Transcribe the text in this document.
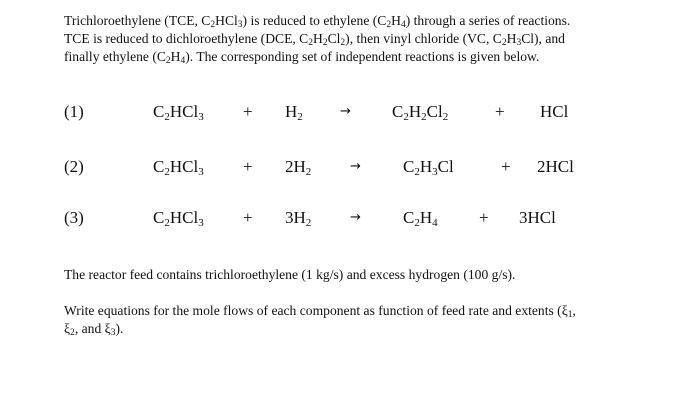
Trichloroethylene (TCE, $C_2HCl_3$) is reduced to ethylene $(C_2H_4)$ through a series of reactions.

TCE is reduced to dichloroethylene (DCE, $C_2H_2Cl_2$), then vinyl chloride (VC, $C_2H_3Cl$), and

finally ethylene $(C_2H_4)$. The corresponding set of independent reactions is given below.

(1)	$C_2HCl_3 + H_2$	→ $C_2H_2Cl_2$	+ HCl
(2)	$C_2HCl_3 + 2H_2$	→ $C_2H_3Cl$	+ 2HCl
(3)	$C_2HCl_3 + 3H_2$	→ $C_2H_4 + 3HCl$

The reactor feed contains trichloroethylene (1 kg/s) and excess hydrogen (100 g/s).

Write equations for the mole flows of each component as function of feed rate and extents ($\xi_1$,

$\xi_2$, and $\xi_3$).
